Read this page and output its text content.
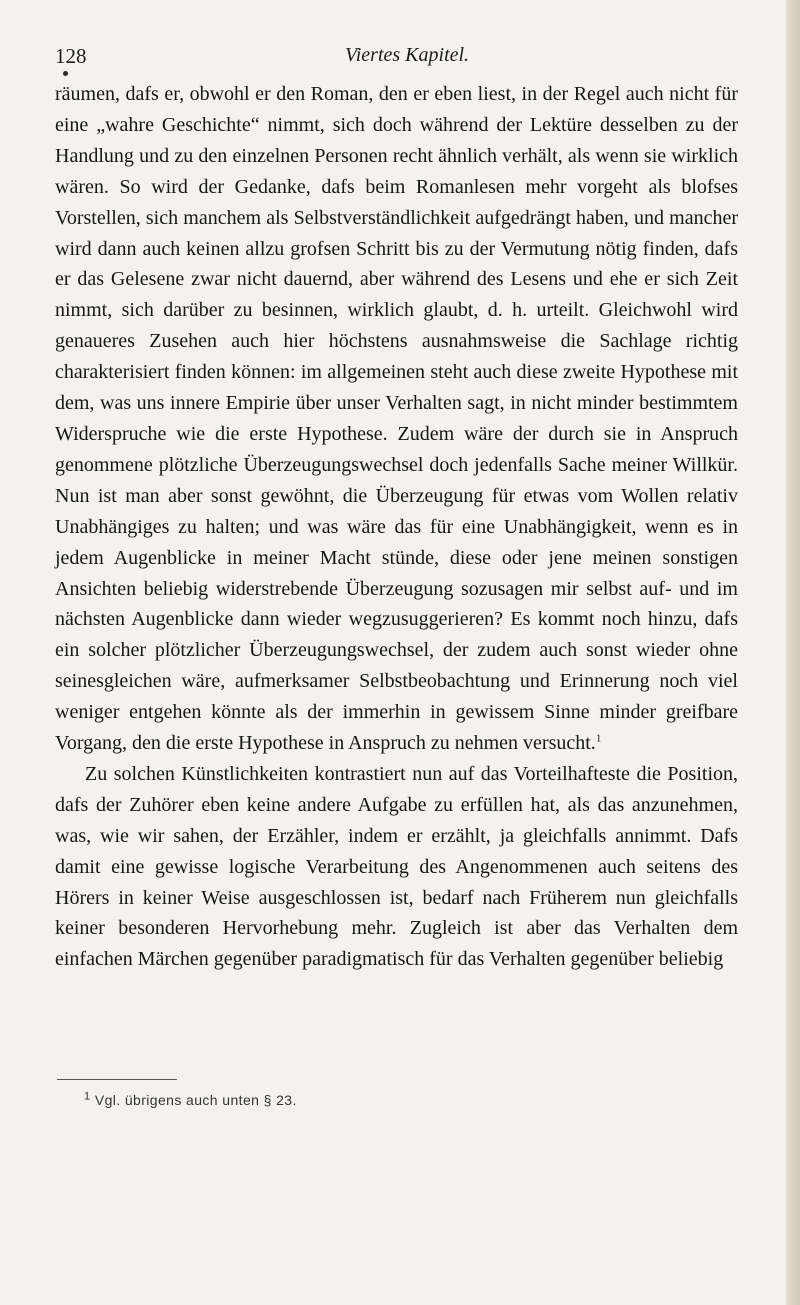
128	Viertes Kapitel.

räumen, dafs er, obwohl er den Roman, den er eben liest, in der Regel auch nicht für eine „wahre Geschichte“ nimmt, sich doch während der Lektüre desselben zu der Handlung und zu den einzelnen Personen recht ähnlich verhält, als wenn sie wirklich wären. So wird der Gedanke, dafs beim Romanlesen mehr vorgeht als blofses Vorstellen, sich manchem als Selbstverständlichkeit aufgedrängt haben, und mancher wird dann auch keinen allzu grofsen Schritt bis zu der Vermutung nötig finden, dafs er das Gelesene zwar nicht dauernd, aber während des Lesens und ehe er sich Zeit nimmt, sich darüber zu besinnen, wirklich glaubt, d. h. urteilt. Gleichwohl wird genaueres Zusehen auch hier höchstens ausnahmsweise die Sachlage richtig charakterisiert finden können: im allgemeinen steht auch diese zweite Hypothese mit dem, was uns innere Empirie über unser Verhalten sagt, in nicht minder bestimmtem Widerspruche wie die erste Hypothese. Zudem wäre der durch sie in Anspruch genommene plötzliche Überzeugungswechsel doch jedenfalls Sache meiner Willkür. Nun ist man aber sonst gewöhnt, die Überzeugung für etwas vom Wollen relativ Unabhängiges zu halten; und was wäre das für eine Unabhängigkeit, wenn es in jedem Augenblicke in meiner Macht stünde, diese oder jene meinen sonstigen Ansichten beliebig widerstrebende Überzeugung sozusagen mir selbst auf- und im nächsten Augenblicke dann wieder wegzusuggerieren? Es kommt noch hinzu, dafs ein solcher plötzlicher Überzeugungswechsel, der zudem auch sonst wieder ohne seinesgleichen wäre, aufmerksamer Selbstbeobachtung und Erinnerung noch viel weniger entgehen könnte als der immerhin in gewissem Sinne minder greifbare Vorgang, den die erste Hypothese in Anspruch zu nehmen versucht.$^1$

Zu solchen Künstlichkeiten kontrastiert nun auf das Vorteilhafteste die Position, dafs der Zuhörer eben keine andere Aufgabe zu erfüllen hat, als das anzunehmen, was, wie wir sahen, der Erzähler, indem er erzählt, ja gleichfalls annimmt. Dafs damit eine gewisse logische Verarbeitung des Angenommenen auch seitens des Hörers in keiner Weise ausgeschlossen ist, bedarf nach Früherem nun gleichfalls keiner besonderen Hervorhebung mehr. Zugleich ist aber das Verhalten dem einfachen Märchen gegenüber paradigmatisch für das Verhalten gegenüber beliebig

$^1$ Vgl. übrigens auch unten § 23.
